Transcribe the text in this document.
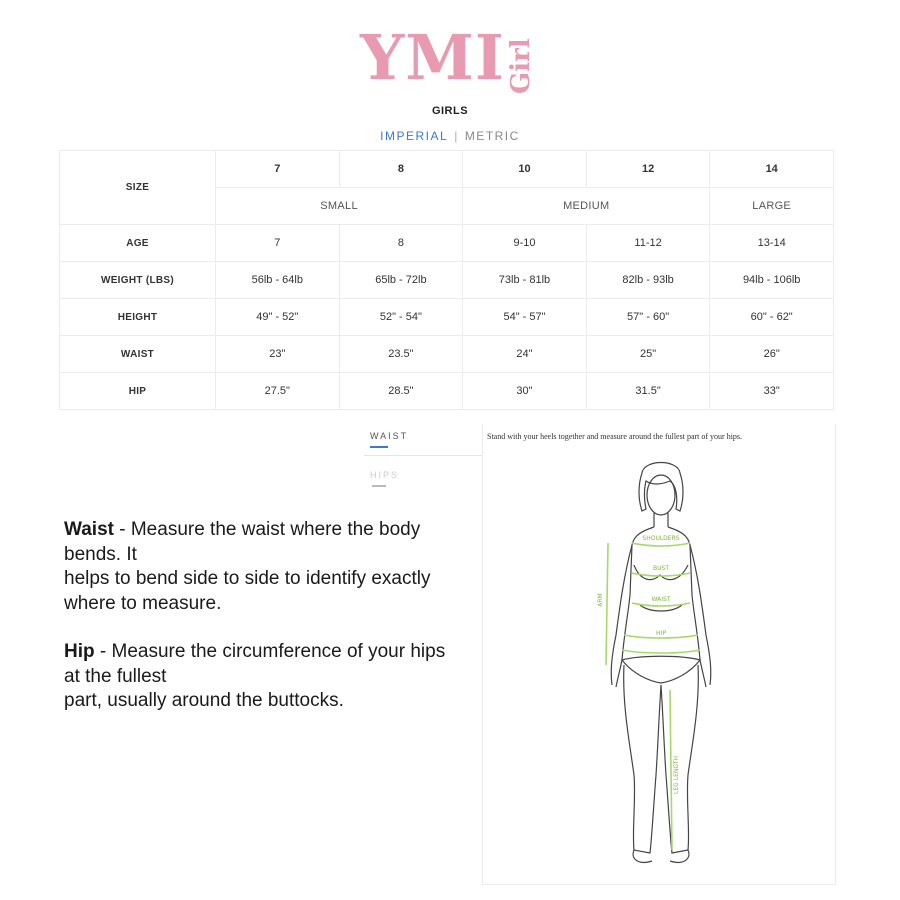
YMI Girl
GIRLS
IMPERIAL | METRIC
SIZE	7	8	10	12	14
	SMALL		MEDIUM		LARGE
AGE	7	8	9-10	11-12	13-14
WEIGHT (LBS)	56lb - 64lb	65lb - 72lb	73lb - 81lb	82lb - 93lb	94lb - 106lb
HEIGHT	49" - 52"	52" - 54"	54" - 57"	57" - 60"	60" - 62"
WAIST	23"	23.5"	24"	25"	26"
HIP	27.5"	28.5"	30"	31.5"	33"
WAIST
HIPS
Stand with your heels together and measure around the fullest part of your hips.
SHOULDERS
BUST
WAIST
HIP
ARM
LEG LENGTH
Waist - Measure the waist where the body bends. It
helps to bend side to side to identify exactly where to measure.
Hip - Measure the circumference of your hips at the fullest
part, usually around the buttocks.
